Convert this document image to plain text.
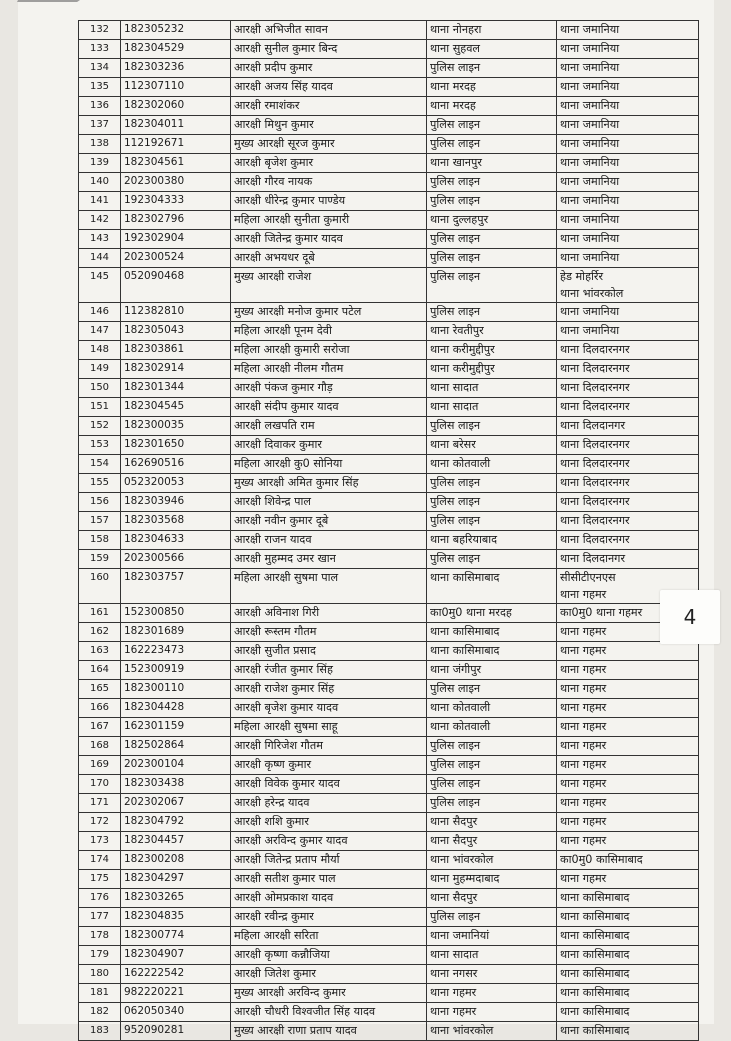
132	182305232	आरक्षी अभिजीत सावन	थाना नोनहरा	थाना जमानिया

133	182304529	आरक्षी सुनील कुमार बिन्द	थाना सुहवल	थाना जमानिया

134	182303236	आरक्षी प्रदीप कुमार	पुलिस लाइन	थाना जमानिया

135	112307110	आरक्षी अजय सिंह यादव	थाना मरदह	थाना जमानिया

136	182302060	आरक्षी रमाशंकर	थाना मरदह	थाना जमानिया

137	182304011	आरक्षी मिथुन कुमार	पुलिस लाइन	थाना जमानिया

138	112192671	मुख्य आरक्षी सूरज कुमार	पुलिस लाइन	थाना जमानिया

139	182304561	आरक्षी बृजेश कुमार	थाना खानपुर	थाना जमानिया

140	202300380	आरक्षी गौरव नायक	पुलिस लाइन	थाना जमानिया

141	192304333	आरक्षी धीरेन्द्र कुमार पाण्डेय	पुलिस लाइन	थाना जमानिया

142	182302796	महिला आरक्षी सुनीता कुमारी	थाना दुल्लहपुर	थाना जमानिया

143	192302904	आरक्षी जितेन्द्र कुमार यादव	पुलिस लाइन	थाना जमानिया

144	202300524	आरक्षी अभयधर दूबे	पुलिस लाइन	थाना जमानिया

145	052090468	मुख्य आरक्षी राजेश	पुलिस लाइन	हेड मोहर्रिर
थाना भांवरकोल

146	112382810	मुख्य आरक्षी मनोज कुमार पटेल	पुलिस लाइन	थाना जमानिया

147	182305043	महिला आरक्षी पूनम देवी	थाना रेवतीपुर	थाना जमानिया

148	182303861	महिला आरक्षी कुमारी सरोजा	थाना करीमुद्दीपुर	थाना दिलदारनगर

149	182302914	महिला आरक्षी नीलम गौतम	थाना करीमुद्दीपुर	थाना दिलदारनगर

150	182301344	आरक्षी पंकज कुमार गौड़	थाना सादात	थाना दिलदारनगर

151	182304545	आरक्षी संदीप कुमार यादव	थाना सादात	थाना दिलदारनगर

152	182300035	आरक्षी लखपति राम	पुलिस लाइन	थाना दिलदानगर

153	182301650	आरक्षी दिवाकर कुमार	थाना बरेसर	थाना दिलदारनगर

154	162690516	महिला आरक्षी कु0 सोनिया	थाना कोतवाली	थाना दिलदारनगर

155	052320053	मुख्य आरक्षी अमित कुमार सिंह	पुलिस लाइन	थाना दिलदारनगर

156	182303946	आरक्षी शिवेन्द्र पाल	पुलिस लाइन	थाना दिलदारनगर

157	182303568	आरक्षी नवीन कुमार दूबे	पुलिस लाइन	थाना दिलदारनगर

158	182304633	आरक्षी राजन यादव	थाना बहरियाबाद	थाना दिलदारनगर

159	202300566	आरक्षी मुहम्मद उमर खान	पुलिस लाइन	थाना दिलदानगर

160	182303757	महिला आरक्षी सुषमा पाल	थाना कासिमाबाद	सीसीटीएनएस
थाना गहमर

161	152300850	आरक्षी अविनाश गिरी	का0मु0 थाना मरदह	का0मु0 थाना गहमर

162	182301689	आरक्षी रूस्तम गौतम	थाना कासिमाबाद	थाना गहमर

163	162223473	आरक्षी सुजीत प्रसाद	थाना कासिमाबाद	थाना गहमर

164	152300919	आरक्षी रंजीत कुमार सिंह	थाना जंगीपुर	थाना गहमर

165	182300110	आरक्षी राजेश कुमार सिंह	पुलिस लाइन	थाना गहमर

166	182304428	आरक्षी बृजेश कुमार यादव	थाना कोतवाली	थाना गहमर

167	162301159	महिला आरक्षी सुषमा साहू	थाना कोतवाली	थाना गहमर

168	182502864	आरक्षी गिरिजेश गौतम	पुलिस लाइन	थाना गहमर

169	202300104	आरक्षी कृष्ण कुमार	पुलिस लाइन	थाना गहमर

170	182303438	आरक्षी विवेक कुमार यादव	पुलिस लाइन	थाना गहमर

171	202302067	आरक्षी हरेन्द्र यादव	पुलिस लाइन	थाना गहमर

172	182304792	आरक्षी शशि कुमार	थाना सैदपुर	थाना गहमर

173	182304457	आरक्षी अरविन्द कुमार यादव	थाना सैदपुर	थाना गहमर

174	182300208	आरक्षी जितेन्द्र प्रताप मौर्या	थाना भांवरकोल	का0मु0 कासिमाबाद

175	182304297	आरक्षी सतीश कुमार पाल	थाना मुहम्मदाबाद	थाना गहमर

176	182303265	आरक्षी ओमप्रकाश यादव	थाना सैदपुर	थाना कासिमाबाद

177	182304835	आरक्षी रवीन्द्र कुमार	पुलिस लाइन	थाना कासिमाबाद

178	182300774	महिला आरक्षी सरिता	थाना जमानियां	थाना कासिमाबाद

179	182304907	आरक्षी कृष्णा कन्नौजिया	थाना सादात	थाना कासिमाबाद

180	162222542	आरक्षी जितेश कुमार	थाना नगसर	थाना कासिमाबाद

181	982220221	मुख्य आरक्षी अरविन्द कुमार	थाना गहमर	थाना कासिमाबाद

182	062050340	आरक्षी चौधरी विश्वजीत सिंह यादव	थाना गहमर	थाना कासिमाबाद

183	952090281	मुख्य आरक्षी राणा प्रताप यादव	थाना भांवरकोल	थाना कासिमाबाद
4
